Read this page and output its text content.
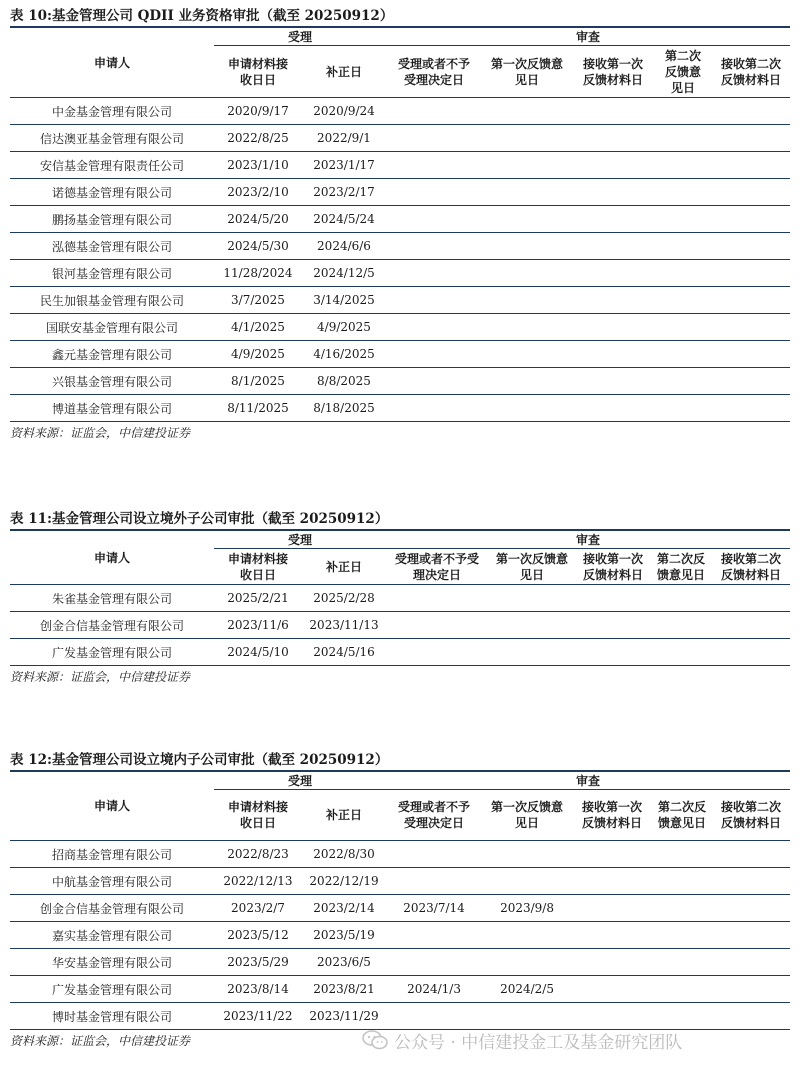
表 10:基金管理公司 QDII 业务资格审批（截至 20250912）
申请人	受理		审查				
	申请材料接
收日日	补正日	受理或者不予
受理决定日	第一次反馈意
见日	接收第一次
反馈材料日	第二次
反馈意
见日	接收第二次
反馈材料日
中金基金管理有限公司	2020/9/17	2020/9/24					
信达澳亚基金管理有限公司	2022/8/25	2022/9/1					
安信基金管理有限责任公司	2023/1/10	2023/1/17					
诺德基金管理有限公司	2023/2/10	2023/2/17					
鹏扬基金管理有限公司	2024/5/20	2024/5/24					
泓德基金管理有限公司	2024/5/30	2024/6/6					
银河基金管理有限公司	11/28/2024	2024/12/5					
民生加银基金管理有限公司	3/7/2025	3/14/2025					
国联安基金管理有限公司	4/1/2025	4/9/2025					
鑫元基金管理有限公司	4/9/2025	4/16/2025					
兴银基金管理有限公司	8/1/2025	8/8/2025					
博道基金管理有限公司	8/11/2025	8/18/2025					
资料来源：证监会，中信建投证券
表 11:基金管理公司设立境外子公司审批（截至 20250912）
申请人	受理		审查				
	申请材料接
收日日	补正日	受理或者不予受
理决定日	第一次反馈意
见日	接收第一次
反馈材料日	第二次反
馈意见日	接收第二次
反馈材料日
朱雀基金管理有限公司	2025/2/21	2025/2/28					
创金合信基金管理有限公司	2023/11/6	2023/11/13					
广发基金管理有限公司	2024/5/10	2024/5/16					
资料来源：证监会，中信建投证券
表 12:基金管理公司设立境内子公司审批（截至 20250912）
申请人	受理		审查				
	申请材料接
收日日	补正日	受理或者不予
受理决定日	第一次反馈意
见日	接收第一次
反馈材料日	第二次反
馈意见日	接收第二次
反馈材料日
招商基金管理有限公司	2022/8/23	2022/8/30					
中航基金管理有限公司	2022/12/13	2022/12/19					
创金合信基金管理有限公司	2023/2/7	2023/2/14	2023/7/14	2023/9/8			
嘉实基金管理有限公司	2023/5/12	2023/5/19					
华安基金管理有限公司	2023/5/29	2023/6/5					
广发基金管理有限公司	2023/8/14	2023/8/21	2024/1/3	2024/2/5			
博时基金管理有限公司	2023/11/22	2023/11/29					
资料来源：证监会，中信建投证券	公众号 · 中信建投金工及基金研究团队
